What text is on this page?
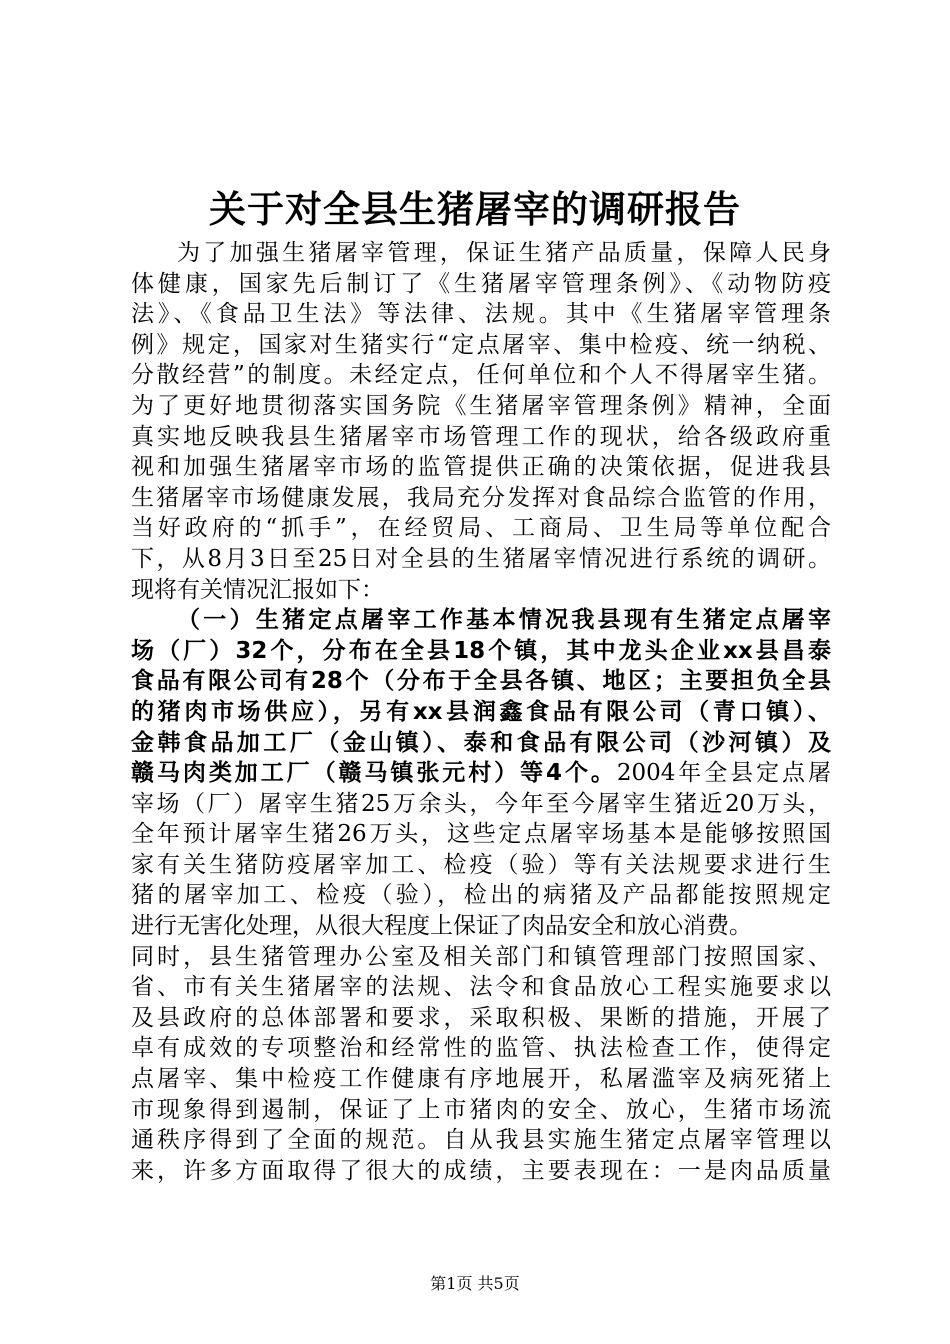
关于对全县生猪屠宰的调研报告
为了加强生猪屠宰管理，保证生猪产品质量，保障人民身
体健康，国家先后制订了《生猪屠宰管理条例》、《动物防疫
法》、《食品卫生法》等法律、法规。其中《生猪屠宰管理条
例》规定，国家对生猪实行“定点屠宰、集中检疫、统一纳税、
分散经营”的制度。未经定点，任何单位和个人不得屠宰生猪。
为了更好地贯彻落实国务院《生猪屠宰管理条例》精神，全面
真实地反映我县生猪屠宰市场管理工作的现状，给各级政府重
视和加强生猪屠宰市场的监管提供正确的决策依据，促进我县
生猪屠宰市场健康发展，我局充分发挥对食品综合监管的作用，
当好政府的“抓手”，在经贸局、工商局、卫生局等单位配合
下，从8月3日至25日对全县的生猪屠宰情况进行系统的调研。
现将有关情况汇报如下：
（一）生猪定点屠宰工作基本情况我县现有生猪定点屠宰
场（厂）32个，分布在全县18个镇，其中龙头企业xx县昌泰
食品有限公司有28个（分布于全县各镇、地区；主要担负全县
的猪肉市场供应），另有xx县润鑫食品有限公司（青口镇）、
金韩食品加工厂（金山镇）、泰和食品有限公司（沙河镇）及
赣马肉类加工厂（赣马镇张元村）等4个。2004年全县定点屠
宰场（厂）屠宰生猪25万余头，今年至今屠宰生猪近20万头，
全年预计屠宰生猪26万头，这些定点屠宰场基本是能够按照国
家有关生猪防疫屠宰加工、检疫（验）等有关法规要求进行生
猪的屠宰加工、检疫（验），检出的病猪及产品都能按照规定
进行无害化处理，从很大程度上保证了肉品安全和放心消费。
同时，县生猪管理办公室及相关部门和镇管理部门按照国家、
省、市有关生猪屠宰的法规、法令和食品放心工程实施要求以
及县政府的总体部署和要求，采取积极、果断的措施，开展了
卓有成效的专项整治和经常性的监管、执法检查工作，使得定
点屠宰、集中检疫工作健康有序地展开，私屠滥宰及病死猪上
市现象得到遏制，保证了上市猪肉的安全、放心，生猪市场流
通秩序得到了全面的规范。自从我县实施生猪定点屠宰管理以
来，许多方面取得了很大的成绩，主要表现在：一是肉品质量
第1页 共5页
